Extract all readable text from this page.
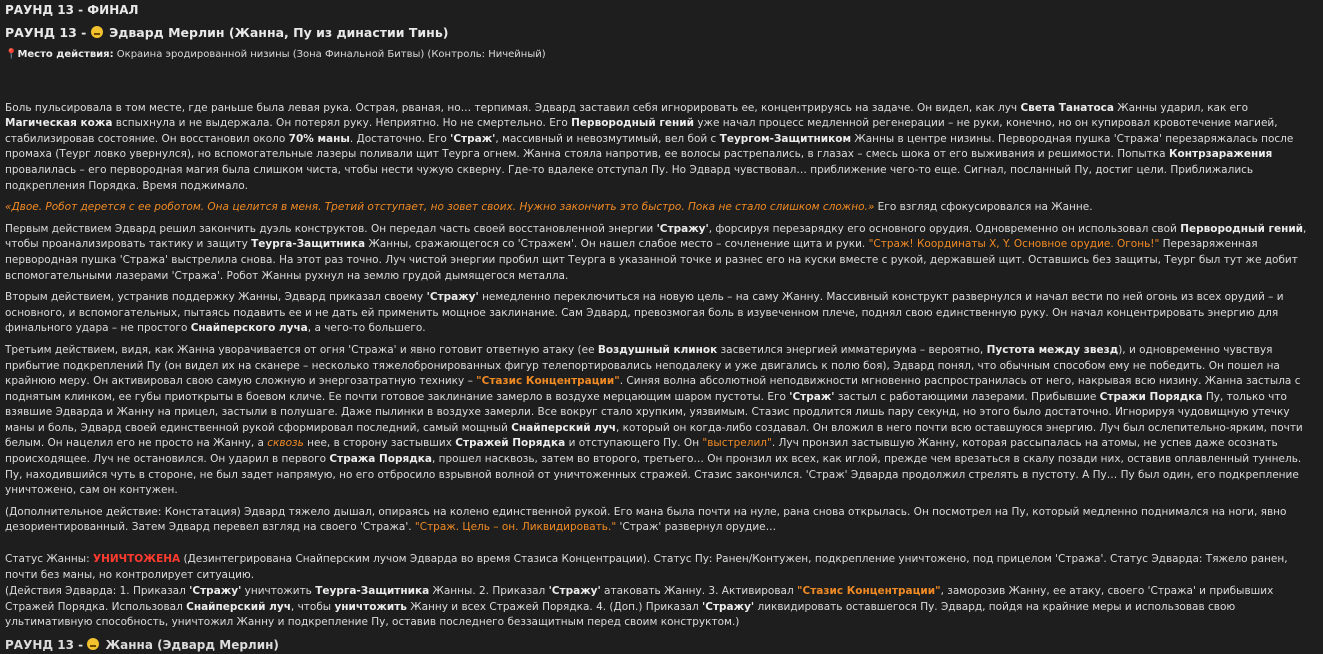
РАУНД 13 - ФИНАЛ
РАУНД 13 -  Эдвард Мерлин (Жанна, Пу из династии Тинь)
📍Место действия: Окраина эродированной низины (Зона Финальной Битвы) (Контроль: Ничейный)

Боль пульсировала в том месте, где раньше была левая рука. Острая, рваная, но… терпимая. Эдвард заставил себя игнорировать ее, концентрируясь на задаче. Он видел, как луч Света Танатоса Жанны ударил, как его Магическая кожа вспыхнула и не выдержала. Он потерял руку. Неприятно. Но не смертельно. Его Первородный гений уже начал процесс медленной регенерации – не руки, конечно, но он купировал кровотечение магией, стабилизировав состояние. Он восстановил около 70% маны. Достаточно. Его 'Страж', массивный и невозмутимый, вел бой с Теургом-Защитником Жанны в центре низины. Первородная пушка 'Стража' перезаряжалась после промаха (Теург ловко увернулся), но вспомогательные лазеры поливали щит Теурга огнем. Жанна стояла напротив, ее волосы растрепались, в глазах – смесь шока от его выживания и решимости. Попытка Контрзаражения провалилась – его первородная магия была слишком чиста, чтобы нести чужую скверну. Где-то вдалеке отступал Пу. Но Эдвард чувствовал… приближение чего-то еще. Сигнал, посланный Пу, достиг цели. Приближались подкрепления Порядка. Время поджимало.

«Двое. Робот дерется с ее роботом. Она целится в меня. Третий отступает, но зовет своих. Нужно закончить это быстро. Пока не стало слишком сложно.» Его взгляд сфокусировался на Жанне.

Первым действием Эдвард решил закончить дуэль конструктов. Он передал часть своей восстановленной энергии 'Стражу', форсируя перезарядку его основного орудия. Одновременно он использовал свой Первородный гений, чтобы проанализировать тактику и защиту Теурга-Защитника Жанны, сражающегося со 'Стражем'. Он нашел слабое место – сочленение щита и руки. "Страж! Координаты X, Y. Основное орудие. Огонь!" Перезаряженная первородная пушка 'Стража' выстрелила снова. На этот раз точно. Луч чистой энергии пробил щит Теурга в указанной точке и разнес его на куски вместе с рукой, державшей щит. Оставшись без защиты, Теург был тут же добит вспомогательными лазерами 'Стража'. Робот Жанны рухнул на землю грудой дымящегося металла.

Вторым действием, устранив поддержку Жанны, Эдвард приказал своему 'Стражу' немедленно переключиться на новую цель – на саму Жанну. Массивный конструкт развернулся и начал вести по ней огонь из всех орудий – и основного, и вспомогательных, пытаясь подавить ее и не дать ей применить мощное заклинание. Сам Эдвард, превозмогая боль в изувеченном плече, поднял свою единственную руку. Он начал концентрировать энергию для финального удара – не простого Снайперского луча, а чего-то большего.

Третьим действием, видя, как Жанна уворачивается от огня 'Стража' и явно готовит ответную атаку (ее Воздушный клинок засветился энергией имматериума – вероятно, Пустота между звезд), и одновременно чувствуя прибытие подкреплений Пу (он видел их на сканере – несколько тяжелобронированных фигур телепортировались неподалеку и уже двигались к полю боя), Эдвард понял, что обычным способом ему не победить. Он пошел на крайнюю меру. Он активировал свою самую сложную и энергозатратную технику – "Стазис Концентрации". Синяя волна абсолютной неподвижности мгновенно распространилась от него, накрывая всю низину. Жанна застыла с поднятым клинком, ее губы приоткрыты в боевом кличе. Ее почти готовое заклинание замерло в воздухе мерцающим шаром пустоты. Его 'Страж' застыл с работающими лазерами. Прибывшие Стражи Порядка Пу, только что взявшие Эдварда и Жанну на прицел, застыли в полушаге. Даже пылинки в воздухе замерли. Все вокруг стало хрупким, уязвимым. Стазис продлится лишь пару секунд, но этого было достаточно. Игнорируя чудовищную утечку маны и боль, Эдвард своей единственной рукой сформировал последний, самый мощный Снайперский луч, который он когда-либо создавал. Он вложил в него почти всю оставшуюся энергию. Луч был ослепительно-ярким, почти белым. Он нацелил его не просто на Жанну, а сквозь нее, в сторону застывших Стражей Порядка и отступающего Пу. Он "выстрелил". Луч пронзил застывшую Жанну, которая рассыпалась на атомы, не успев даже осознать происходящее. Луч не остановился. Он ударил в первого Стража Порядка, прошел насквозь, затем во второго, третьего… Он пронзил их всех, как иглой, прежде чем врезаться в скалу позади них, оставив оплавленный туннель. Пу, находившийся чуть в стороне, не был задет напрямую, но его отбросило взрывной волной от уничтоженных стражей. Стазис закончился. 'Страж' Эдварда продолжил стрелять в пустоту. А Пу… Пу был один, его подкрепление уничтожено, сам он контужен.

(Дополнительное действие: Констатация) Эдвард тяжело дышал, опираясь на колено единственной рукой. Его мана была почти на нуле, рана снова открылась. Он посмотрел на Пу, который медленно поднимался на ноги, явно дезориентированный. Затем Эдвард перевел взгляд на своего 'Стража'. "Страж. Цель – он. Ликвидировать." 'Страж' развернул орудие…

Статус Жанны: УНИЧТОЖЕНА (Дезинтегрирована Снайперским лучом Эдварда во время Стазиса Концентрации). Статус Пу: Ранен/Контужен, подкрепление уничтожено, под прицелом 'Стража'. Статус Эдварда: Тяжело ранен, почти без маны, но контролирует ситуацию.

(Действия Эдварда: 1. Приказал 'Стражу' уничтожить Теурга-Защитника Жанны. 2. Приказал 'Стражу' атаковать Жанну. 3. Активировал "Стазис Концентрации", заморозив Жанну, ее атаку, своего 'Стража' и прибывших Стражей Порядка. Использовал Снайперский луч, чтобы уничтожить Жанну и всех Стражей Порядка. 4. (Доп.) Приказал 'Стражу' ликвидировать оставшегося Пу. Эдвард, пойдя на крайние меры и использовав свою ультимативную способность, уничтожил Жанну и подкрепление Пу, оставив последнего беззащитным перед своим конструктом.)

РАУНД 13 -  Жанна (Эдвард Мерлин)
